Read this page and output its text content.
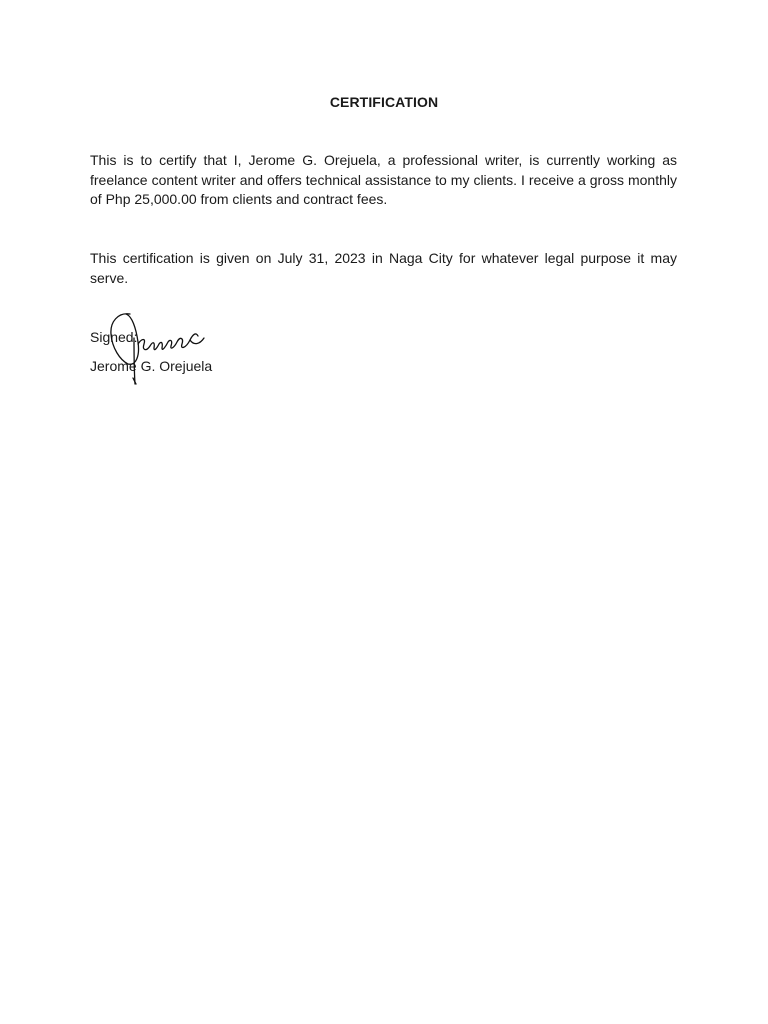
CERTIFICATION

This is to certify that I, Jerome G. Orejuela, a professional writer, is currently working as freelance content writer and offers technical assistance to my clients. I receive a gross monthly of Php 25,000.00 from clients and contract fees.

This certification is given on July 31, 2023 in Naga City for whatever legal purpose it may serve.

Signed:
Jerome G. Orejuela
